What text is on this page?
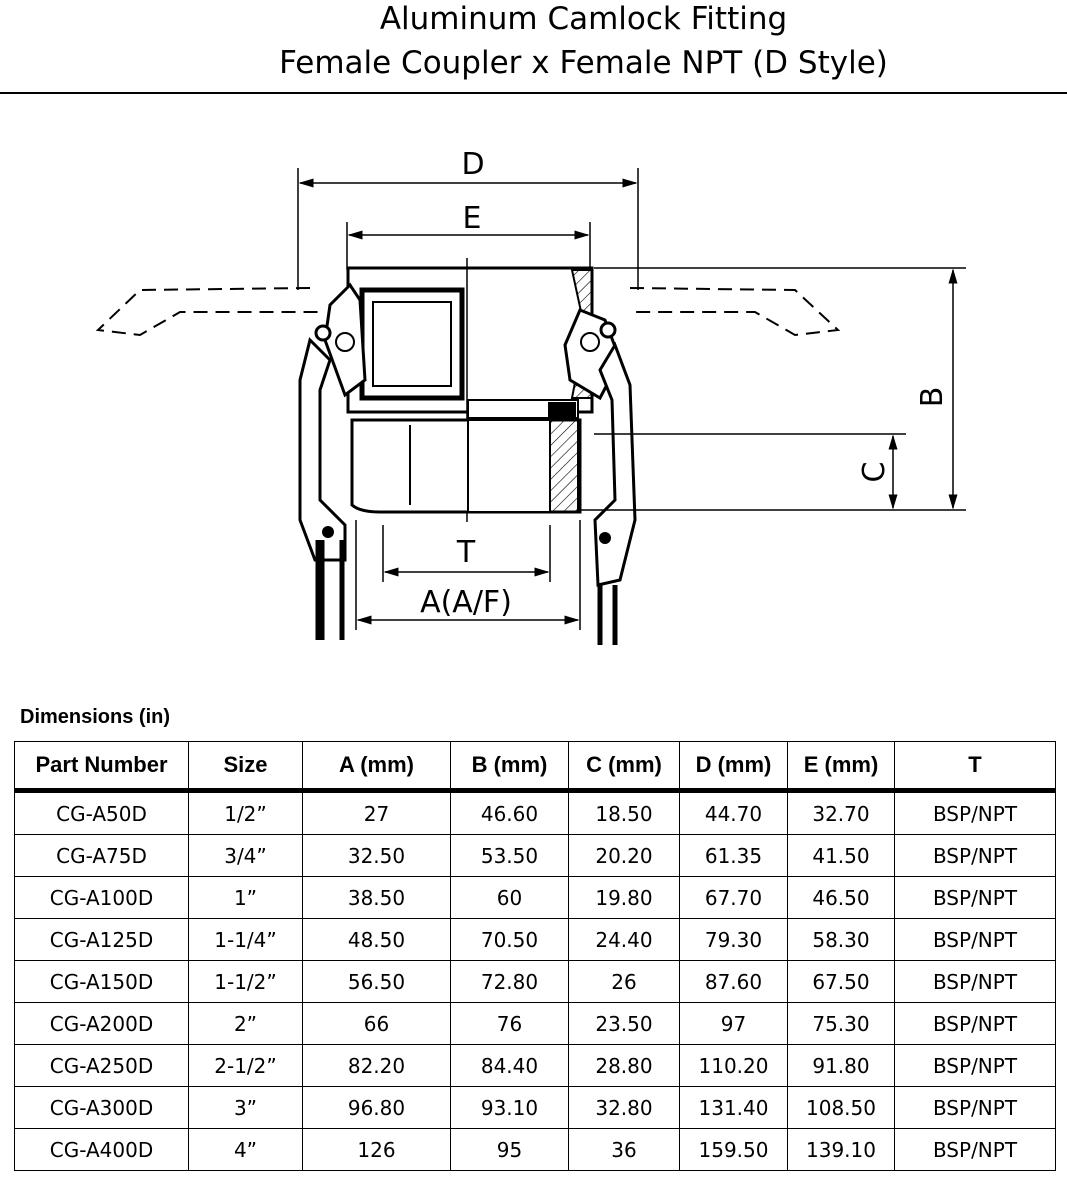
Aluminum Camlock Fitting
Female Coupler x Female NPT (D Style)
D
E
B
C
T
A(A/F)
Dimensions (in)
Part Number	Size	A (mm)	B (mm)	C (mm)	D (mm)	E (mm)	T
CG-A50D	1/2”	27	46.60	18.50	44.70	32.70	BSP/NPT
CG-A75D	3/4”	32.50	53.50	20.20	61.35	41.50	BSP/NPT
CG-A100D	1”	38.50	60	19.80	67.70	46.50	BSP/NPT
CG-A125D	1-1/4”	48.50	70.50	24.40	79.30	58.30	BSP/NPT
CG-A150D	1-1/2”	56.50	72.80	26	87.60	67.50	BSP/NPT
CG-A200D	2”	66	76	23.50	97	75.30	BSP/NPT
CG-A250D	2-1/2”	82.20	84.40	28.80	110.20	91.80	BSP/NPT
CG-A300D	3”	96.80	93.10	32.80	131.40	108.50	BSP/NPT
CG-A400D	4”	126	95	36	159.50	139.10	BSP/NPT
